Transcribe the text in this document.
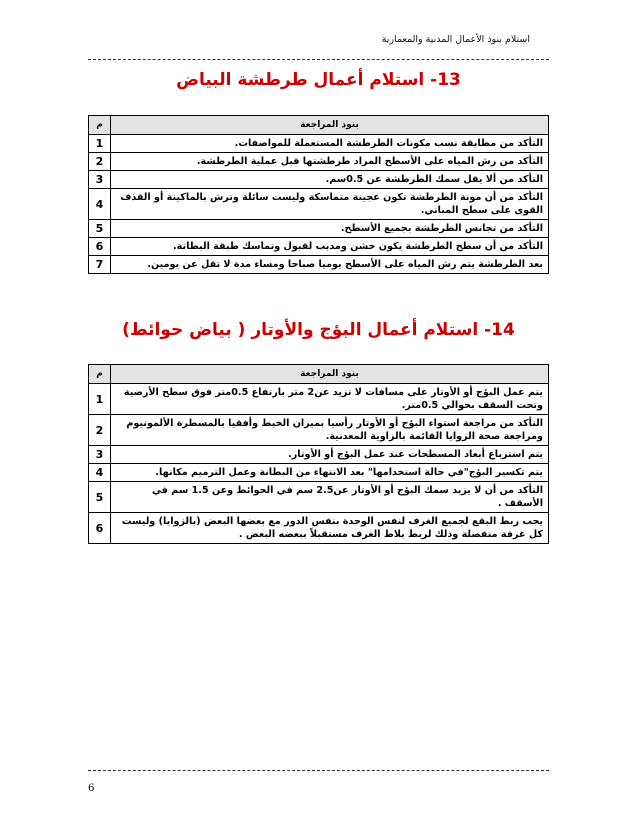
استلام بنود الأعمال المدنية والمعمارية
13- استلام أعمال طرطشة البياض
بنود المراجعة	م
التأكد من مطابقة نسب مكونات الطرطشة المستعملة للمواصفات.	1
التأكد من رش المياه على الأسطح المراد طرطشتها قبل عملية الطرطشة.	2
التأكد من ألا يقل سمك الطرطشة عن 0.5سم.	3
التأكد من أن مونة الطرطشة تكون عجينة متماسكة وليست سائلة وترش بالماكينة أو القذف القوى على سطح المباني.	4
التأكد من تجانس الطرطشة بجميع الأسطح.	5
التأكد من أن سطح الطرطشة يكون خشن ومدبب لقبول وتماسك طبقة البطانة.	6
بعد الطرطشة يتم رش المياه على الأسطح يوميا صباحا ومساء مدة لا تقل عن يومين.	7
14- استلام أعمال البؤج والأوتار ( بياض حوائط)
بنود المراجعة	م
يتم عمل البؤج أو الأوتار على مسافات لا تزيد عن2 متر بارتفاع 0.5متر فوق سطح الأرضية وتحت السقف بحوالي 0.5متر.	1
التأكد من مراجعة استواء البؤج أو الأوتار رأسيا بميزان الخيط وأفقيا بالمسطرة الألمونيوم ومراجعة صحة الزوايا القائمة بالزاوية المعدنية.	2
يتم استرباع أبعاد المسطحات عند عمل البؤج أو الأوتار.	3
يتم تكسير البؤج"في حالة استخدامها" بعد الانتهاء من البطانة وعمل الترميم مكانها.	4
التأكد من أن لا يزيد سمك البؤج أو الأوتار عن2.5 سم في الحوائط وعن 1.5 سم في الأسقف .	5
يجب ربط البقع لجميع الغرف لنفس الوحدة بنفس الدور مع بعضها البعض (بالزوايا) وليست كل غرفة منفصلة وذلك لربط بلاط الغرف مستقبلاً ببعضه البعض .	6
6
